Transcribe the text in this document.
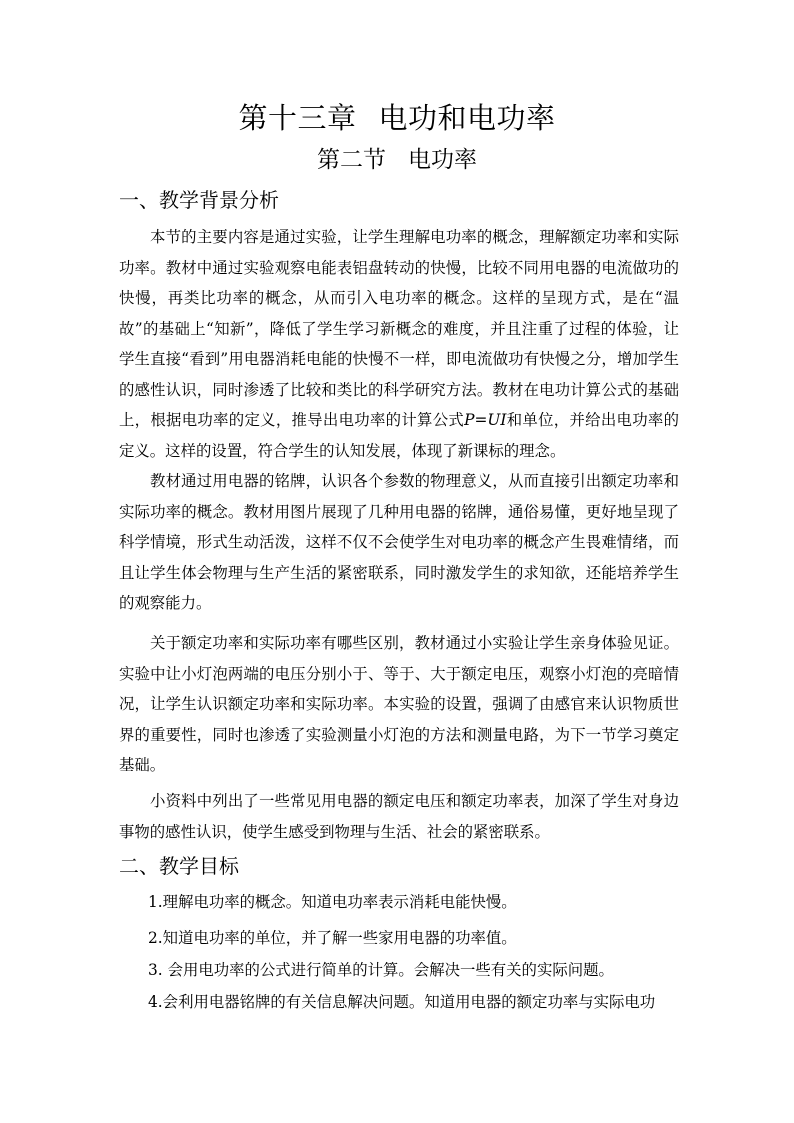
第十三章 电功和电功率
第二节 电功率
一、教学背景分析

本节的主要内容是通过实验，让学生理解电功率的概念，理解额定功率和实际功率。教材中通过实验观察电能表铝盘转动的快慢，比较不同用电器的电流做功的快慢，再类比功率的概念，从而引入电功率的概念。这样的呈现方式，是在“温故”的基础上“知新”，降低了学生学习新概念的难度，并且注重了过程的体验，让学生直接“看到”用电器消耗电能的快慢不一样，即电流做功有快慢之分，增加学生的感性认识，同时渗透了比较和类比的科学研究方法。教材在电功计算公式的基础上，根据电功率的定义，推导出电功率的计算公式P=UI和单位，并给出电功率的定义。这样的设置，符合学生的认知发展，体现了新课标的理念。

教材通过用电器的铭牌，认识各个参数的物理意义，从而直接引出额定功率和实际功率的概念。教材用图片展现了几种用电器的铭牌，通俗易懂，更好地呈现了科学情境，形式生动活泼，这样不仅不会使学生对电功率的概念产生畏难情绪，而且让学生体会物理与生产生活的紧密联系，同时激发学生的求知欲，还能培养学生的观察能力。

关于额定功率和实际功率有哪些区别，教材通过小实验让学生亲身体验见证。实验中让小灯泡两端的电压分别小于、等于、大于额定电压，观察小灯泡的亮暗情况，让学生认识额定功率和实际功率。本实验的设置，强调了由感官来认识物质世界的重要性，同时也渗透了实验测量小灯泡的方法和测量电路，为下一节学习奠定基础。

小资料中列出了一些常见用电器的额定电压和额定功率表，加深了学生对身边事物的感性认识，使学生感受到物理与生活、社会的紧密联系。

二、教学目标
1.理解电功率的概念。知道电功率表示消耗电能快慢。
2.知道电功率的单位，并了解一些家用电器的功率值。
3. 会用电功率的公式进行简单的计算。会解决一些有关的实际问题。
4.会利用电器铭牌的有关信息解决问题。知道用电器的额定功率与实际电功
